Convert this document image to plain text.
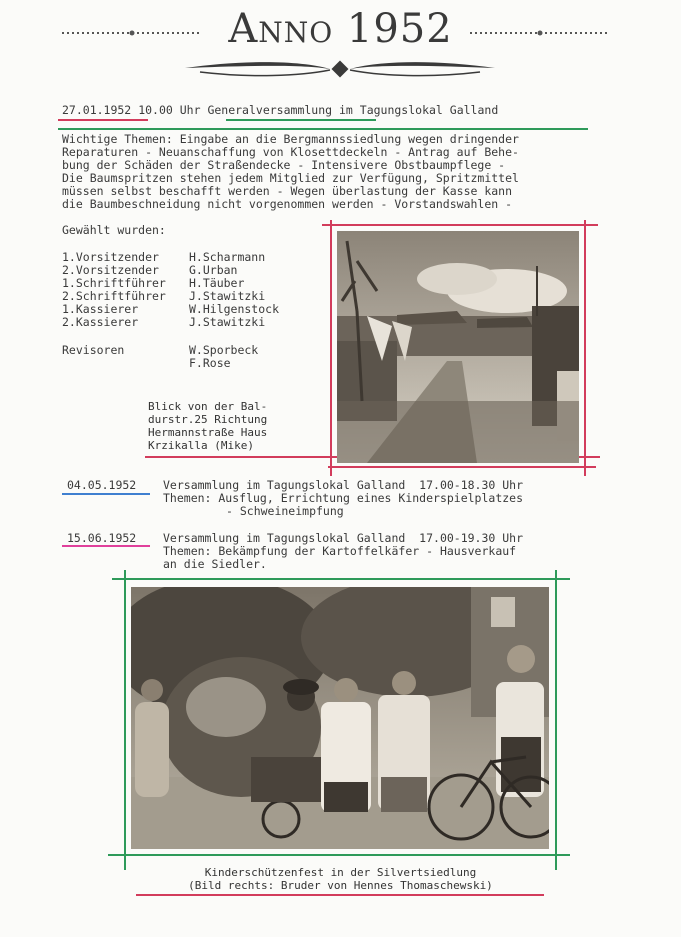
Anno 1952
27.01.1952 10.00 Uhr Generalversammlung im Tagungslokal Galland
Wichtige Themen: Eingabe an die Bergmannssiedlung wegen dringender
Reparaturen - Neuanschaffung von Klosettdeckeln - Antrag auf Behe-
bung der Schäden der Straßendecke - Intensivere Obstbaumpflege -
Die Baumspritzen stehen jedem Mitglied zur Verfügung, Spritzmittel
müssen selbst beschafft werden - Wegen überlastung der Kasse kann
die Baumbeschneidung nicht vorgenommen werden - Vorstandswahlen -
Gewählt wurden:
1.Vorsitzender	H.Scharmann
2.Vorsitzender	G.Urban
1.Schriftführer H.Täuber
2.Schriftführer J.Stawitzki
1.Kassierer	W.Hilgenstock
2.Kassierer	J.Stawitzki
Revisoren	W.Sporbeck
F.Rose
Blick von der Bal-
durstr.25 Richtung
Hermannstraße Haus
Krzikalla (Mike)
04.05.1952 Versammlung im Tagungslokal Galland  17.00-18.30 Uhr
Themen: Ausflug, Errichtung eines Kinderspielplatzes
- Schweineimpfung
15.06.1952 Versammlung im Tagungslokal Galland  17.00-19.30 Uhr
Themen: Bekämpfung der Kartoffelkäfer - Hausverkauf
an die Siedler.
Kinderschützenfest in der Silvertsiedlung
(Bild rechts: Bruder von Hennes Thomaschewski)
